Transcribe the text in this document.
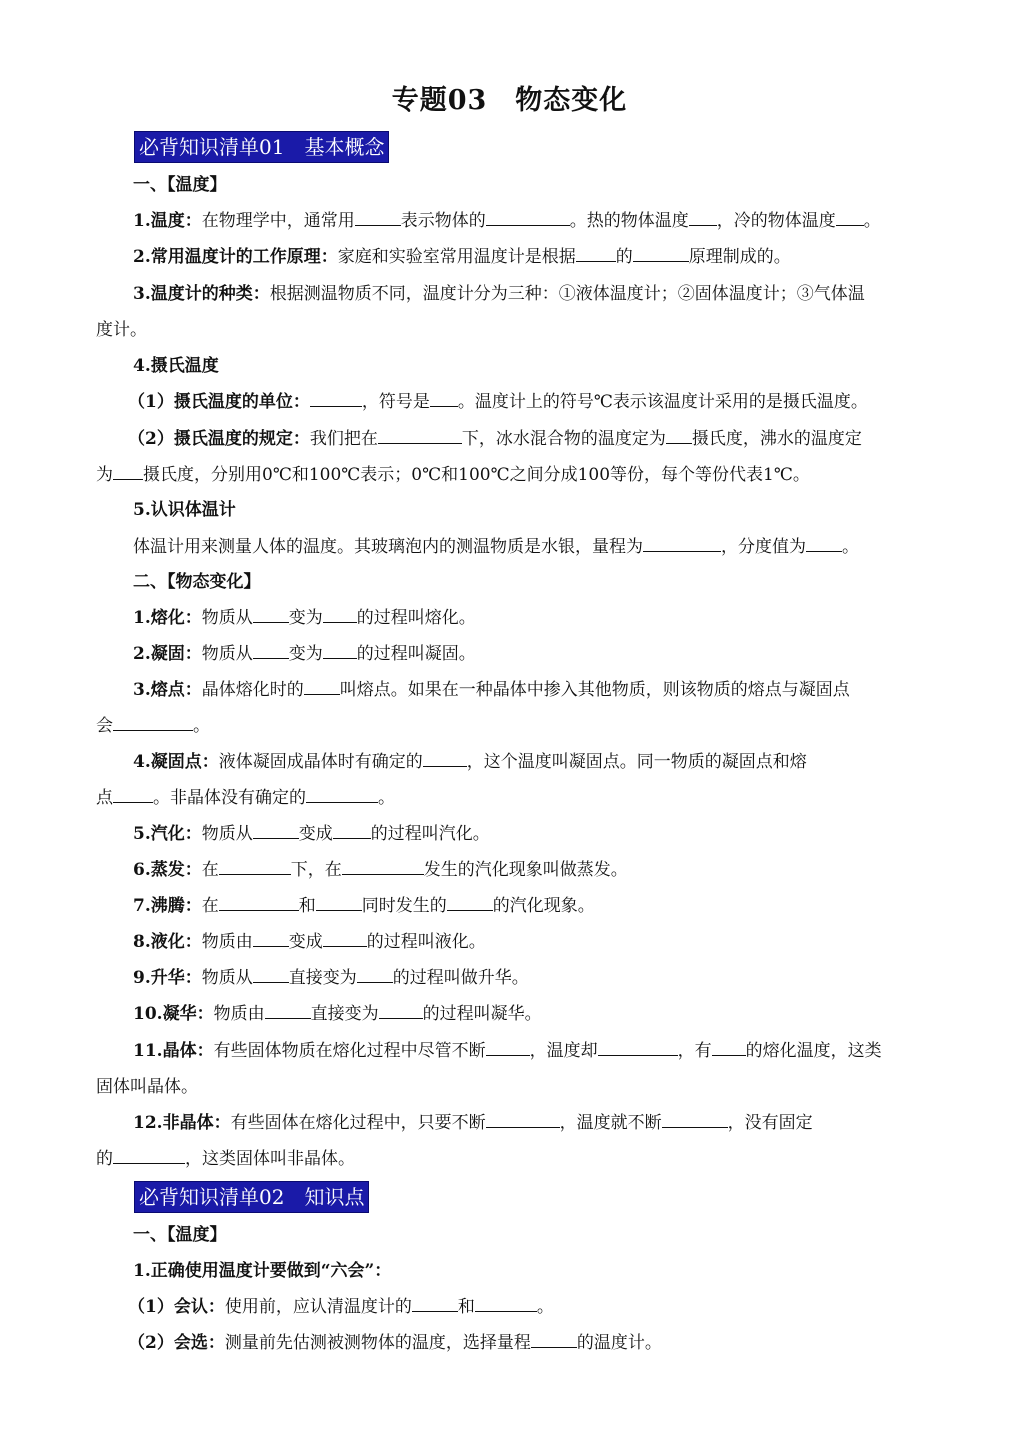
专题03　物态变化
必背知识清单01　基本概念
一、【温度】
1.温度：在物理学中，通常用	表示物体的	。热的物体温度 ，冷的物体温度 。
2.常用温度计的工作原理：家庭和实验室常用温度计是根据 的	原理制成的。
3.温度计的种类：根据测温物质不同，温度计分为三种：①液体温度计；②固体温度计；③气体温
度计。
4.摄氏温度
（1）摄氏温度的单位：	，符号是 。温度计上的符号℃表示该温度计采用的是摄氏温度。
（2）摄氏温度的规定：我们把在	下，冰水混合物的温度定为 摄氏度，沸水的温度定
为 摄氏度，分别用0℃和100℃表示；0℃和100℃之间分成100等份，每个等份代表1℃。
5.认识体温计
体温计用来测量人体的温度。其玻璃泡内的测温物质是水银，量程为	，分度值为 。
二、【物态变化】
1.熔化：物质从 变为 的过程叫熔化。
2.凝固：物质从 变为 的过程叫凝固。
3.熔点：晶体熔化时的 叫熔点。如果在一种晶体中掺入其他物质，则该物质的熔点与凝固点
会	。
4.凝固点：液体凝固成晶体时有确定的	，这个温度叫凝固点。同一物质的凝固点和熔
点 。非晶体没有确定的	。
5.汽化：物质从	变成 的过程叫汽化。
6.蒸发：在	下，在	发生的汽化现象叫做蒸发。
7.沸腾：在	和	同时发生的	的汽化现象。
8.液化：物质由 变成	的过程叫液化。
9.升华：物质从 直接变为 的过程叫做升华。
10.凝华：物质由	直接变为	的过程叫凝华。
11.晶体：有些固体物质在熔化过程中尽管不断	，温度却	，有 的熔化温度，这类
固体叫晶体。
12.非晶体：有些固体在熔化过程中，只要不断	，温度就不断	，没有固定
的	，这类固体叫非晶体。
必背知识清单02　知识点
一、【温度】
1.正确使用温度计要做到“六会”：
（1）会认：使用前，应认清温度计的	和	。
（2）会选：测量前先估测被测物体的温度，选择量程	的温度计。
